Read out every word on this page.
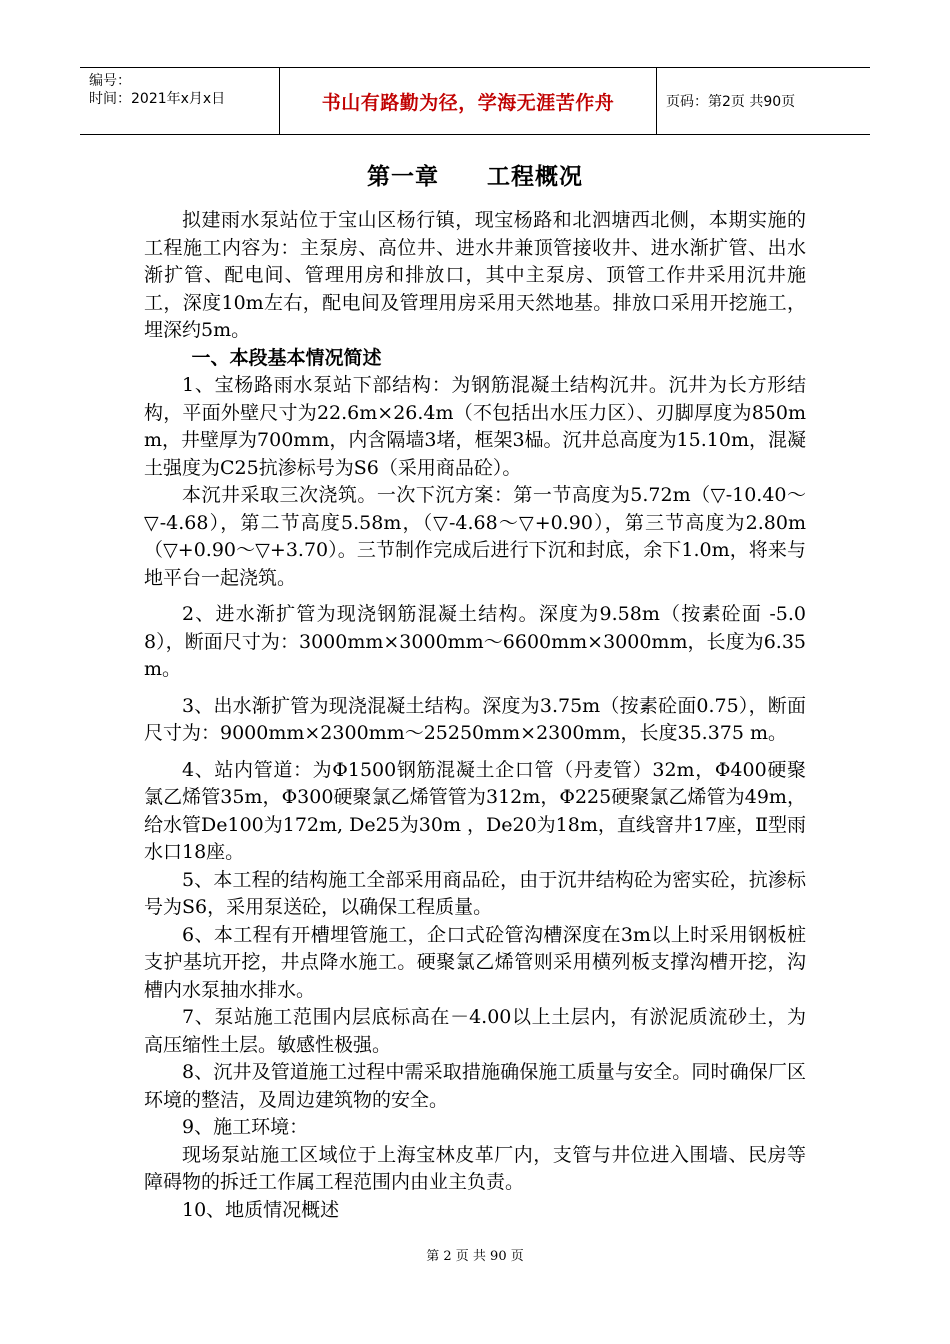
编号：
时间：2021年x月x日	书山有路勤为径，学海无涯苦作舟	页码：第2页 共90页
第一章 工程概况

拟建雨水泵站位于宝山区杨行镇，现宝杨路和北泗塘西北侧，本期实施的工程施工内容为：主泵房、高位井、进水井兼顶管接收井、进水渐扩管、出水渐扩管、配电间、管理用房和排放口，其中主泵房、顶管工作井采用沉井施工，深度10m左右，配电间及管理用房采用天然地基。排放口采用开挖施工，埋深约5m。

一、本段基本情况简述

1、宝杨路雨水泵站下部结构：为钢筋混凝土结构沉井。沉井为长方形结构，平面外壁尺寸为22.6m×26.4m（不包括出水压力区）、刃脚厚度为850mm，井壁厚为700mm，内含隔墙3堵，框架3榀。沉井总高度为15.10m，混凝土强度为C25抗渗标号为S6（采用商品砼）。

本沉井采取三次浇筑。一次下沉方案：第一节高度为5.72m（▽-10.40～▽-4.68），第二节高度5.58m，（▽-4.68～▽+0.90），第三节高度为2.80m（▽+0.90～▽+3.70）。三节制作完成后进行下沉和封底，余下1.0m，将来与地平台一起浇筑。

2、进水渐扩管为现浇钢筋混凝土结构。深度为9.58m（按素砼面 -5.08），断面尺寸为：3000mm×3000mm～6600mm×3000mm，长度为6.35m。

3、出水渐扩管为现浇混凝土结构。深度为3.75m（按素砼面0.75），断面尺寸为：9000mm×2300mm～25250mm×2300mm，长度35.375 m。

4、站内管道：为Φ1500钢筋混凝土企口管（丹麦管）32m，Φ400硬聚氯乙烯管35m，Φ300硬聚氯乙烯管管为312m，Φ225硬聚氯乙烯管为49m，给水管De100为172m, De25为30m ，De20为18m，直线窨井17座，Ⅱ型雨水口18座。

5、本工程的结构施工全部采用商品砼，由于沉井结构砼为密实砼，抗渗标号为S6，采用泵送砼，以确保工程质量。

6、本工程有开槽埋管施工，企口式砼管沟槽深度在3m以上时采用钢板桩支护基坑开挖，井点降水施工。硬聚氯乙烯管则采用横列板支撑沟槽开挖，沟槽内水泵抽水排水。

7、泵站施工范围内层底标高在－4.00以上土层内，有淤泥质流砂土，为高压缩性土层。敏感性极强。

8、沉井及管道施工过程中需采取措施确保施工质量与安全。同时确保厂区环境的整洁，及周边建筑物的安全。

9、施工环境：

现场泵站施工区域位于上海宝林皮革厂内，支管与井位进入围墙、民房等障碍物的拆迁工作属工程范围内由业主负责。

10、地质情况概述

第 2 页 共 90 页
